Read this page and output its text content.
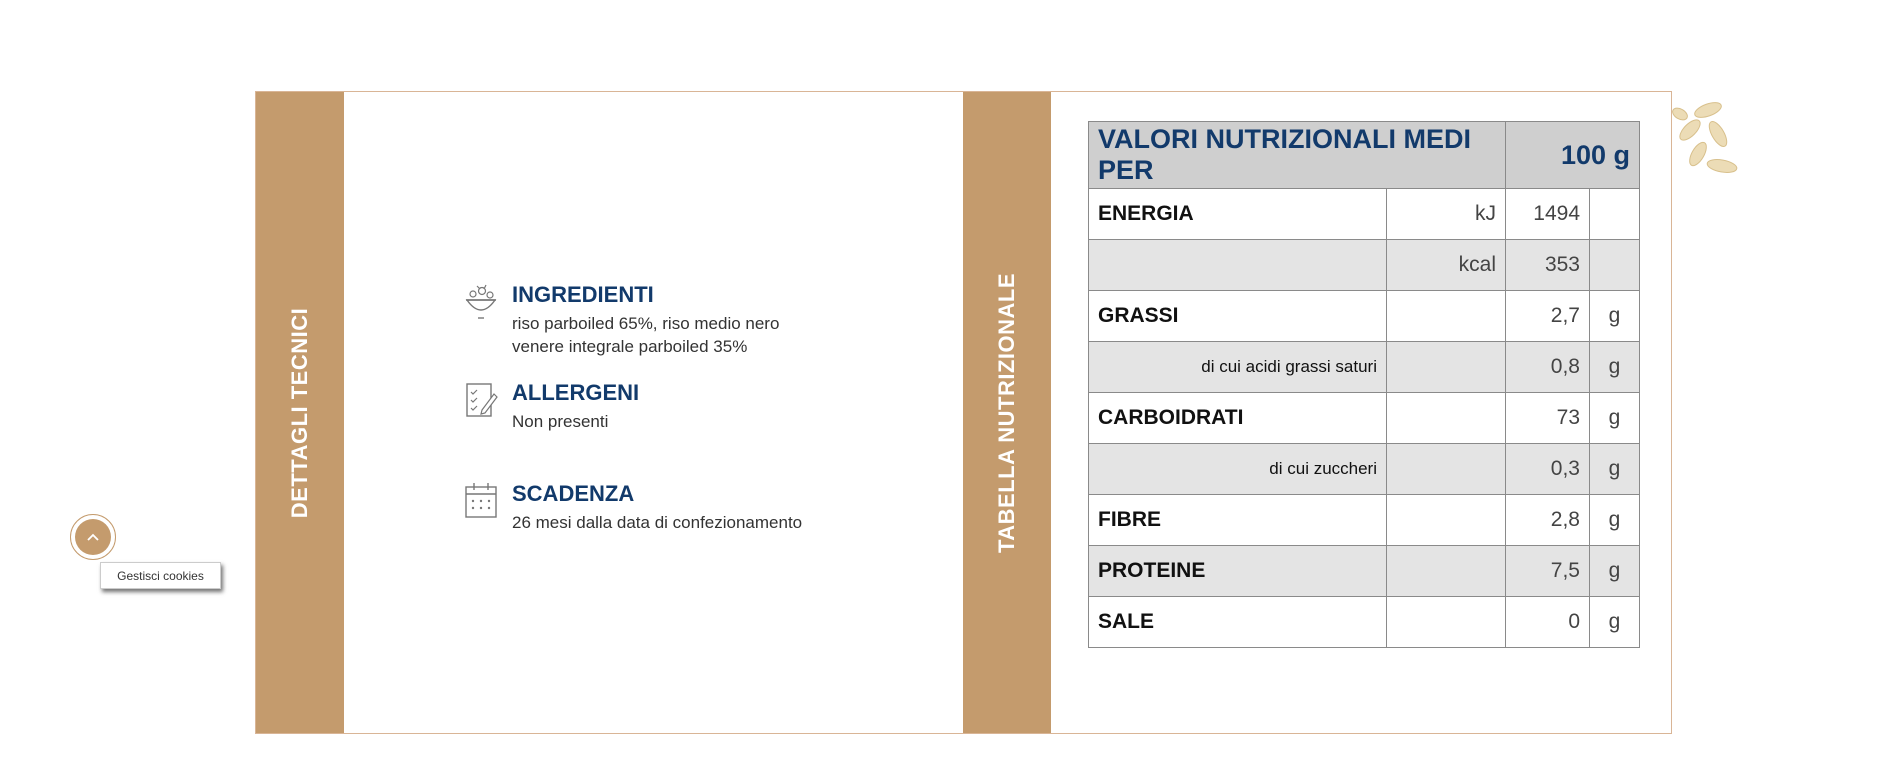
DETTAGLI TECNICI
INGREDIENTI

riso parboiled 65%, riso medio nero
venere integrale parboiled 35%

ALLERGENI

Non presenti

SCADENZA

26 mesi dalla data di confezionamento	TABELLA NUTRIZIONALE
VALORI NUTRIZIONALI MEDI PER		100 g	
ENERGIA	kJ	1494	
	kcal	353	
GRASSI		2,7	g
di cui acidi grassi saturi		0,8	g
CARBOIDRATI		73	g
di cui zuccheri		0,3	g
FIBRE		2,8	g
PROTEINE		7,5	g
SALE		0	g
Gestisci cookies
